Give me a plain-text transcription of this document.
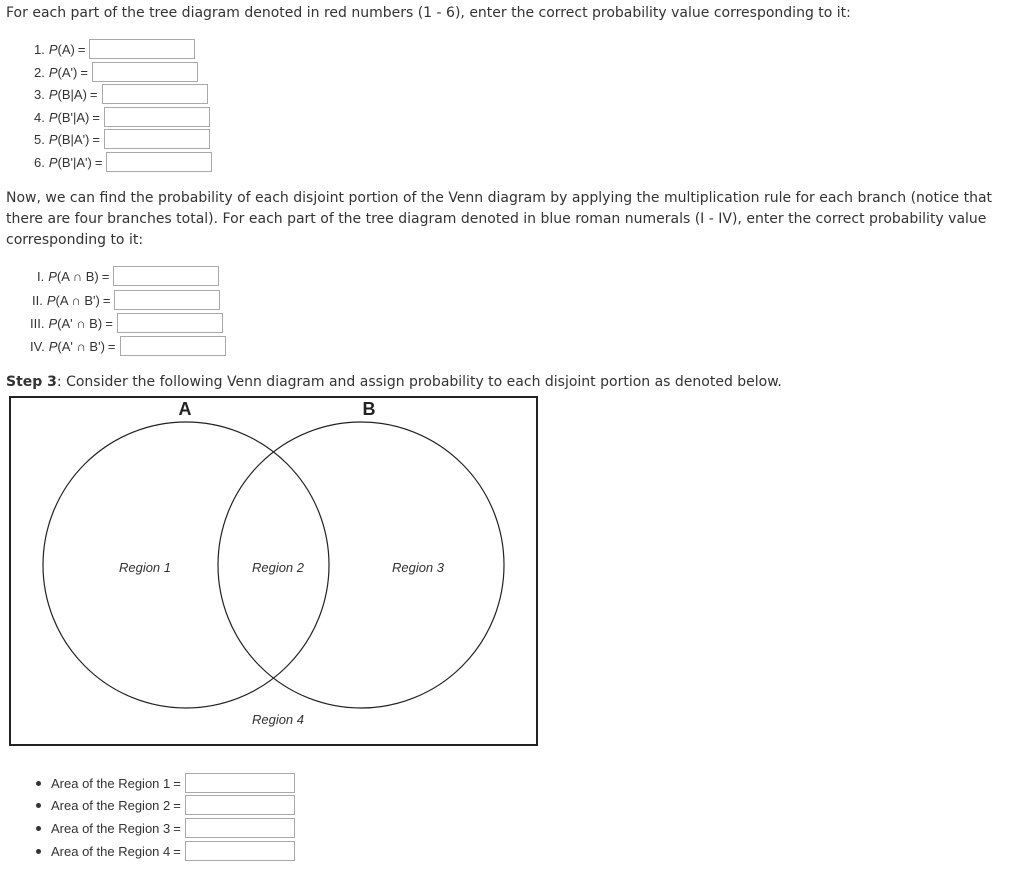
For each part of the tree diagram denoted in red numbers (1 - 6), enter the correct probability value corresponding to it:
1. P (A) =
2. P (A') =
3. P (B|A) =
4. P (B'|A) =
5. P (B|A') =
6. P (B'|A') =
Now, we can find the probability of each disjoint portion of the Venn diagram by applying the multiplication rule for each branch (notice that there are four branches total). For each part of the tree diagram denoted in blue roman numerals (I - IV), enter the correct probability value corresponding to it:
I. P (A ∩ B) =
II. P (A ∩ B') =
III. P (A' ∩ B) =
IV. P (A' ∩ B') =
Step 3: Consider the following Venn diagram and assign probability to each disjoint portion as denoted below.
A	B
Region 1	Region 2	Region 3
Region 4
Area of the Region 1 =
Area of the Region 2 =
Area of the Region 3 =
Area of the Region 4 =
